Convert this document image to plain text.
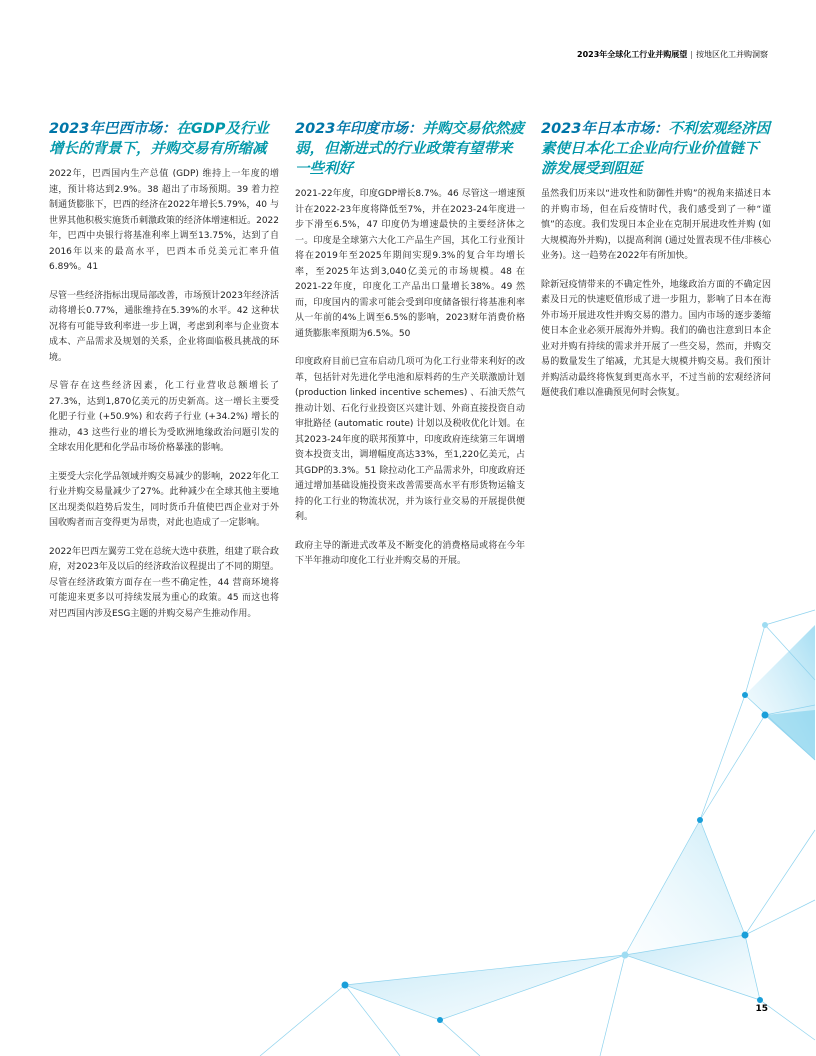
2023年全球化工行业并购展望 | 按地区化工并购洞察
2023年巴西市场：在GDP及行业增长的背景下，并购交易有所缩减

2022年，巴西国内生产总值 (GDP) 维持上一年度的增速，预计将达到2.9%。38 超出了市场预期。39 着力控制通货膨胀下，巴西的经济在2022年增长5.79%，40 与世界其他积极实施货币刺激政策的经济体增速相近。2022年，巴西中央银行将基准利率上调至13.75%，达到了自2016年以来的最高水平，巴西本币兑美元汇率升值6.89%。41

尽管一些经济指标出现局部改善，市场预计2023年经济活动将增长0.77%，通胀维持在5.39%的水平。42 这种状况将有可能导致利率进一步上调，考虑到利率与企业资本成本、产品需求及规划的关系，企业将面临极具挑战的环境。

尽管存在这些经济因素，化工行业营收总额增长了27.3%，达到1,870亿美元的历史新高。这一增长主要受化肥子行业 (+50.9%) 和农药子行业 (+34.2%) 增长的推动，43 这些行业的增长为受欧洲地缘政治问题引发的全球农用化肥和化学品市场价格暴涨的影响。

主要受大宗化学品领域并购交易减少的影响，2022年化工行业并购交易量减少了27%。此种减少在全球其他主要地区出现类似趋势后发生，同时货币升值使巴西企业对于外国收购者而言变得更为昂贵，对此也造成了一定影响。

2022年巴西左翼劳工党在总统大选中获胜，组建了联合政府，对2023年及以后的经济政治议程提出了不同的期望。尽管在经济政策方面存在一些不确定性，44 营商环境将可能迎来更多以可持续发展为重心的政策。45 而这也将对巴西国内涉及ESG主题的并购交易产生推动作用。

2023年印度市场：并购交易依然疲弱，但渐进式的行业政策有望带来一些利好

2021-22年度，印度GDP增长8.7%。46 尽管这一增速预计在2022-23年度将降低至7%，并在2023-24年度进一步下滑至6.5%，47 印度仍为增速最快的主要经济体之一。印度是全球第六大化工产品生产国，其化工行业预计将在2019年至2025年期间实现9.3%的复合年均增长率，至2025年达到3,040亿美元的市场规模。48 在2021-22年度，印度化工产品出口量增长38%。49 然而，印度国内的需求可能会受到印度储备银行将基准利率从一年前的4%上调至6.5%的影响，2023财年消费价格通货膨胀率预期为6.5%。50

印度政府目前已宣布启动几项可为化工行业带来利好的改革，包括针对先进化学电池和原料药的生产关联激励计划 (production linked incentive schemes) 、石油天然气推动计划、石化行业投资区兴建计划、外商直接投资自动审批路径 (automatic route) 计划以及税收优化计划。在其2023-24年度的联邦预算中，印度政府连续第三年调增资本投资支出，调增幅度高达33%，至1,220亿美元，占其GDP的3.3%。51 除拉动化工产品需求外，印度政府还通过增加基础设施投资来改善需要高水平有形货物运输支持的化工行业的物流状况，并为该行业交易的开展提供便利。

政府主导的渐进式改革及不断变化的消费格局或将在今年下半年推动印度化工行业并购交易的开展。

2023年日本市场：不利宏观经济因素使日本化工企业向行业价值链下游发展受到阻延

虽然我们历来以“进攻性和防御性并购”的视角来描述日本的并购市场，但在后疫情时代，我们感受到了一种“谨慎”的态度。我们发现日本企业在克制开展进攻性并购 (如大规模海外并购)，以提高利润 (通过处置表现不佳/非核心业务)。这一趋势在2022年有所加快。

除新冠疫情带来的不确定性外，地缘政治方面的不确定因素及日元的快速贬值形成了进一步阻力，影响了日本在海外市场开展进攻性并购交易的潜力。国内市场的逐步萎缩使日本企业必须开展海外并购。我们的确也注意到日本企业对并购有持续的需求并开展了一些交易，然而，并购交易的数量发生了缩减，尤其是大规模并购交易。我们预计并购活动最终将恢复到更高水平，不过当前的宏观经济问题使我们难以准确预见何时会恢复。

15
